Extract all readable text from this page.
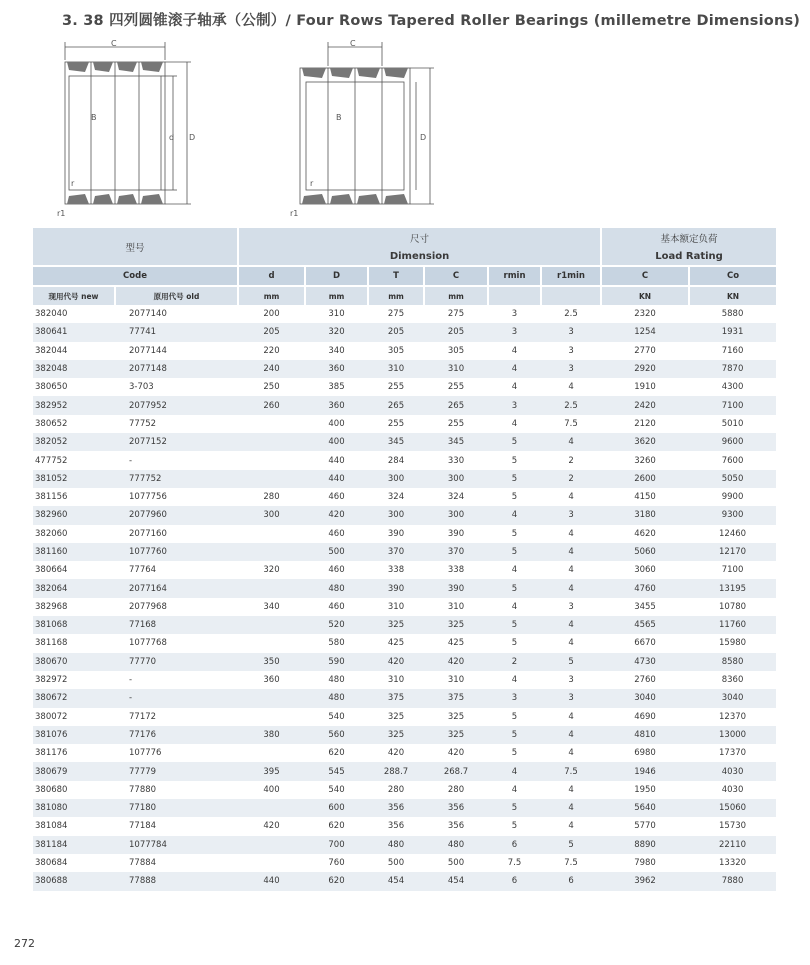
3. 38 四列圆锥滚子轴承（公制）/ Four Rows Tapered Roller Bearings (millemetre Dimensions)
C
B
d D
r
r1
C
B
D
r
r1
型号		尺寸						基本额定负荷	
		Dimension						Load Rating	
Code		d	D	T	C	rmin	r1min	C	Co
现用代号 new	原用代号 old	mm	mm	mm	mm			KN	KN
382040	2077140	200	310	275	275	3	2.5	2320	5880
380641	77741	205	320	205	205	3	3	1254	1931
382044	2077144	220	340	305	305	4	3	2770	7160
382048	2077148	240	360	310	310	4	3	2920	7870
380650	3-703	250	385	255	255	4	4	1910	4300
382952	2077952	260	360	265	265	3	2.5	2420	7100
380652	77752		400	255	255	4	7.5	2120	5010
382052	2077152		400	345	345	5	4	3620	9600
477752	-		440	284	330	5	2	3260	7600
381052	777752		440	300	300	5	2	2600	5050
381156	1077756	280	460	324	324	5	4	4150	9900
382960	2077960	300	420	300	300	4	3	3180	9300
382060	2077160		460	390	390	5	4	4620	12460
381160	1077760		500	370	370	5	4	5060	12170
380664	77764	320	460	338	338	4	4	3060	7100
382064	2077164		480	390	390	5	4	4760	13195
382968	2077968	340	460	310	310	4	3	3455	10780
381068	77168		520	325	325	5	4	4565	11760
381168	1077768		580	425	425	5	4	6670	15980
380670	77770	350	590	420	420	2	5	4730	8580
382972	-	360	480	310	310	4	3	2760	8360
380672	-		480	375	375	3	3	3040	3040
380072	77172		540	325	325	5	4	4690	12370
381076	77176	380	560	325	325	5	4	4810	13000
381176	107776		620	420	420	5	4	6980	17370
380679	77779	395	545	288.7	268.7	4	7.5	1946	4030
380680	77880	400	540	280	280	4	4	1950	4030
381080	77180		600	356	356	5	4	5640	15060
381084	77184	420	620	356	356	5	4	5770	15730
381184	1077784		700	480	480	6	5	8890	22110
380684	77884		760	500	500	7.5	7.5	7980	13320
380688	77888	440	620	454	454	6	6	3962	7880
272
